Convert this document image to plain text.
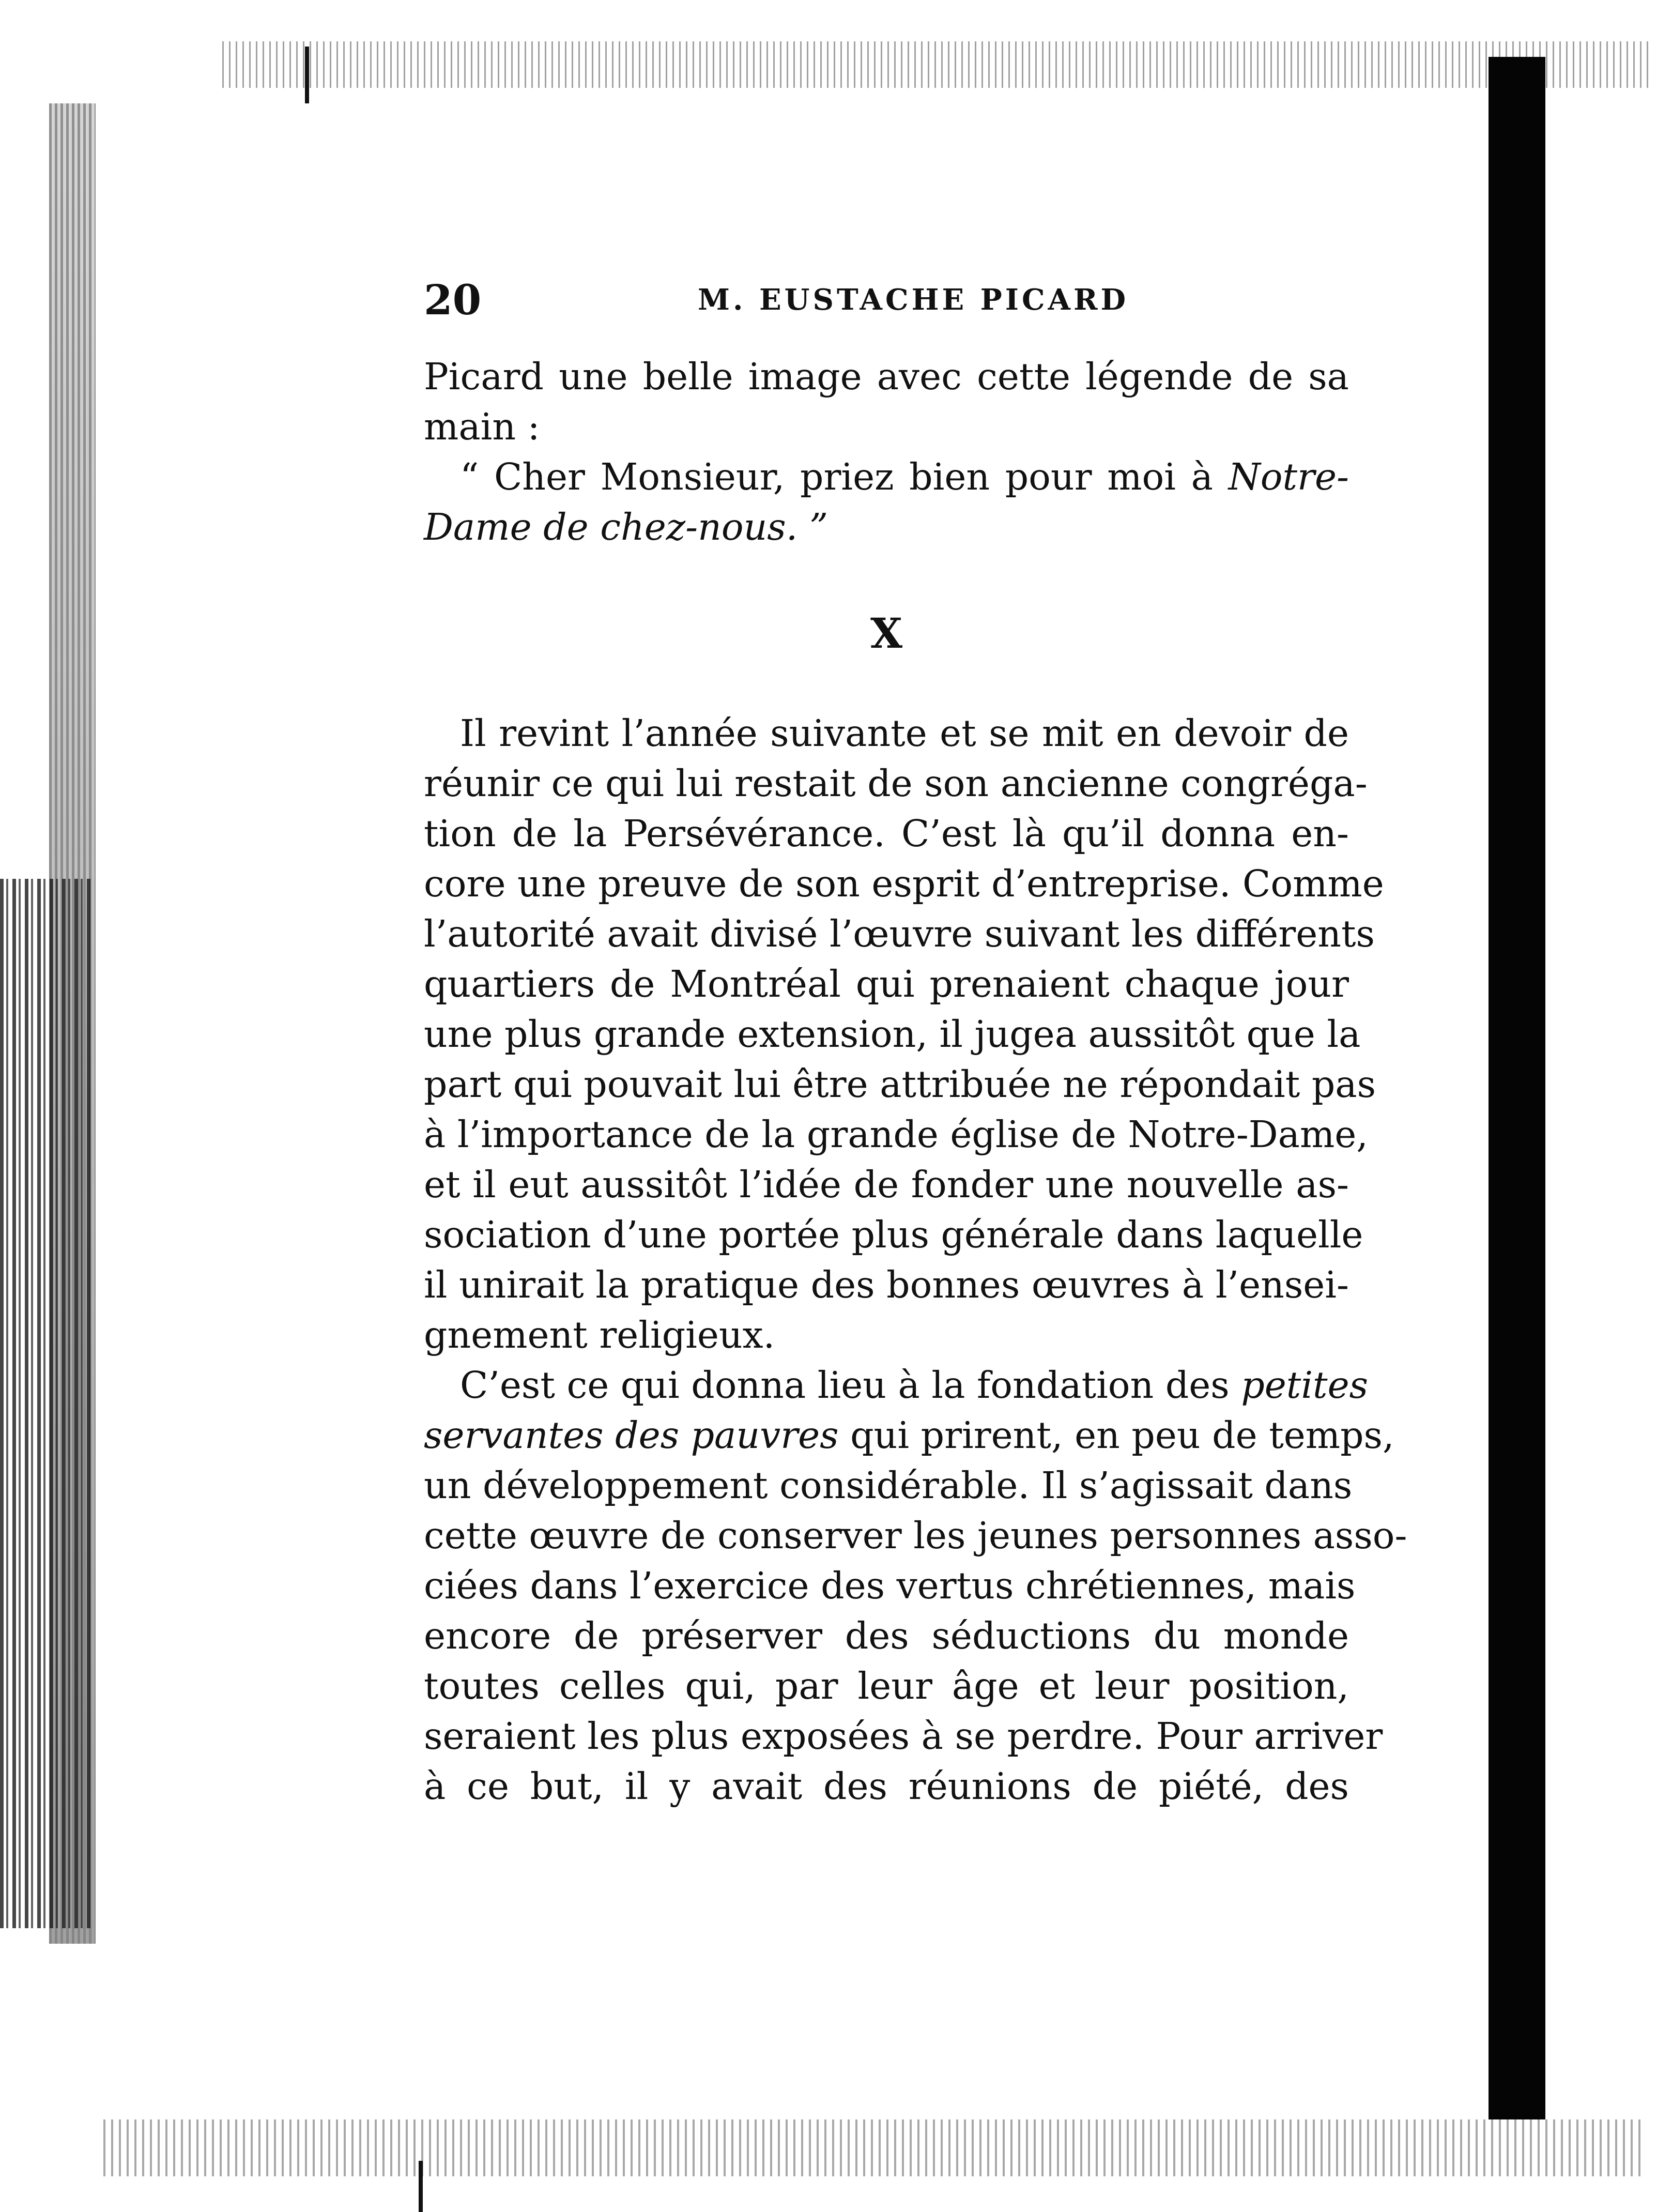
20	M. EUSTACHE PICARD
Picard une belle image avec cette légende de sa
main :
“ Cher Monsieur, priez bien pour moi à Notre-
Dame de chez-nous. ”
X
Il revint l’année suivante et se mit en devoir de
réunir ce qui lui restait de son ancienne congréga-
tion de la Persévérance. C’est là qu’il donna en-
core une preuve de son esprit d’entreprise. Comme
l’autorité avait divisé l’œuvre suivant les différents
quartiers de Montréal qui prenaient chaque jour
une plus grande extension, il jugea aussitôt que la
part qui pouvait lui être attribuée ne répondait pas
à l’importance de la grande église de Notre-Dame,
et il eut aussitôt l’idée de fonder une nouvelle as-
sociation d’une portée plus générale dans laquelle
il unirait la pratique des bonnes œuvres à l’ensei-
gnement religieux.
C’est ce qui donna lieu à la fondation des petites
servantes des pauvres qui prirent, en peu de temps,
un développement considérable. Il s’agissait dans
cette œuvre de conserver les jeunes personnes asso-
ciées dans l’exercice des vertus chrétiennes, mais
encore de préserver des séductions du monde
toutes celles qui, par leur âge et leur position,
seraient les plus exposées à se perdre. Pour arriver
à ce but, il y avait des réunions de piété, des
